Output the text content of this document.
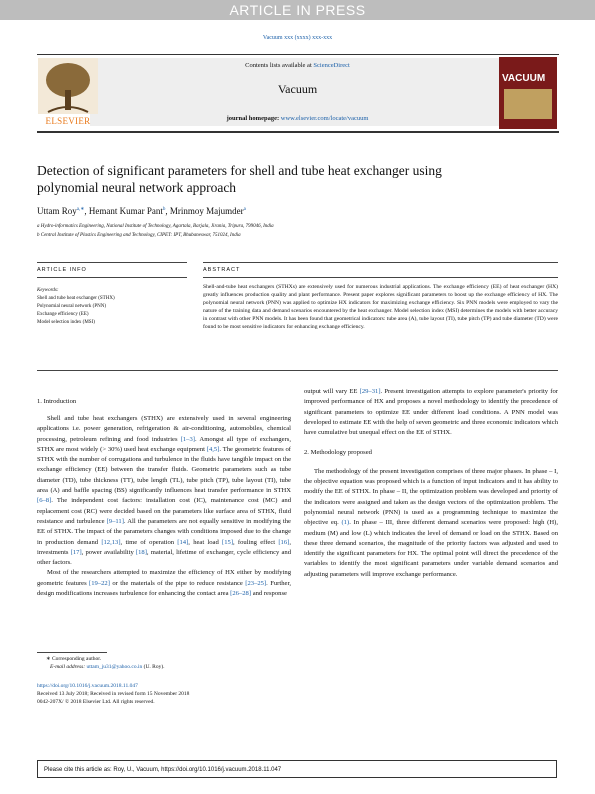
ARTICLE IN PRESS
Vacuum xxx (xxxx) xxx-xxx
ELSEVIER
Contents lists available at ScienceDirect
Vacuum
journal homepage: www.elsevier.com/locate/vacuum
VACUUM
Detection of significant parameters for shell and tube heat exchanger using
polynomial neural network approach
Uttam Roy$^{a,∗}$, Hemant Kumar Pant$^b$, Mrinmoy Majumder$^a$
a Hydro-informatics Engineering, National Institute of Technology, Agartala, Barjala, Jirania, Tripura, 799046, India
b Central Institute of Plastics Engineering and Technology, CIPET: IPT, Bhubaneswar, 751024, India
ARTICLE INFO	ABSTRACT
Keywords:
Shell and tube heat exchanger (STHX)
Polynomial neural network (PNN)
Exchange efficiency (EE)
Model selection index (MSI)
Shell-and-tube heat exchangers (STHXs) are extensively used for numerous industrial applications. The exchange efficiency (EE) of heat exchanger (HX) greatly influences production quality and plant performance. Present paper explores significant parameters to boost up the exchange efficiency of HX. The polynomial neural network (PNN) was applied to optimize HX indicators for maximizing exchange efficiency. Six PNN models were employed to vary the nature of the training data and demand scenarios encountered by the heat exchanger. Model selection index (MSI) determines the models with better accuracy in contrast with other PNN models. It has been found that geometrical indicators: tube area (A), tube layout (TI), tube pitch (TP) and tube diameter (TD) were found to be most sensitive indicators for enhancing exchange efficiency.
1. Introduction

Shell and tube heat exchangers (STHX) are extensively used in several engineering applications i.e. power generation, refrigeration & air-conditioning, automobiles, chemical processing, petroleum refining and food industries [1–3]. Amongst all type of exchangers, STHX are most widely (> 30%) used heat exchange equipment [4,5]. The geometric features of STHX with the number of corrugations and turbulence in the fluids have tangible impact on the exchange efficiency (EE) between the transfer fluids. Geometric parameters such as tube diameter (TD), tube thickness (TT), tube length (TL), tube pitch (TP), tube layout (TI), tube area (A) and baffle spacing (BS) significantly influences heat transfer performance in STHX [6–8]. The independent cost factors: installation cost (IC), maintenance cost (MC) and replacement cost (RC) were decided based on the parameters like surface area of STHX, fluid resistance and turbulence [9–11]. All the parameters are not equally sensitive in modifying the EE of STHX. The impact of the parameters changes with conditions imposed due to the change in production demand [12,13], time of operation [14], heat load [15], fouling effect [16], investments [17], power availability [18], material, lifetime of exchanger, cycle efficiency and other factors.

Most of the researchers attempted to maximize the efficiency of HX either by modifying geometric features [19–22] or the materials of the pipe to reduce resistance [23–25]. Further, design modifications increases turbulence for enhancing the contact area [26–28] and response

output will vary EE [29–31]. Present investigation attempts to explore parameter's priority for improved performance of HX and proposes a novel methodology to identify the precedence of significant parameters to optimize EE under different load conditions. A PNN model was developed to estimate EE with the help of seven geometric and three economic indicators which have cumulative but unequal effect on the EE of STHX.

2. Methodology proposed

The methodology of the present investigation comprises of three major phases. In phase – I, the objective equation was proposed which is a function of input indicators and it has ability to modify the EE of STHX. In phase – II, the optimization problem was developed and priority of the indicators were assigned and taken as the design vectors of the optimization problem. The polynomial neural network (PNN) is used as a programming technique to maximize the objective eq. (1). In phase – III, three different demand scenarios were proposed: high (H), medium (M) and low (L) which indicates the level of demand or load on the STHX. Based on these three demand scenarios, the magnitude of the priority factors was adjusted and used to identify the significant parameters for HX. The optimal point will direct the precedence of the variables to identify the most significant parameters under variable demand scenarios and adjusting parameters will improve exchange performance.

∗ Corresponding author.
E-mail address: uttam_ju31@yahoo.co.in (U. Roy).
https://doi.org/10.1016/j.vacuum.2018.11.047
Received 13 July 2018; Received in revised form 15 November 2018
0042-207X/ © 2018 Elsevier Ltd. All rights reserved.
Please cite this article as: Roy, U., Vacuum, https://doi.org/10.1016/j.vacuum.2018.11.047
